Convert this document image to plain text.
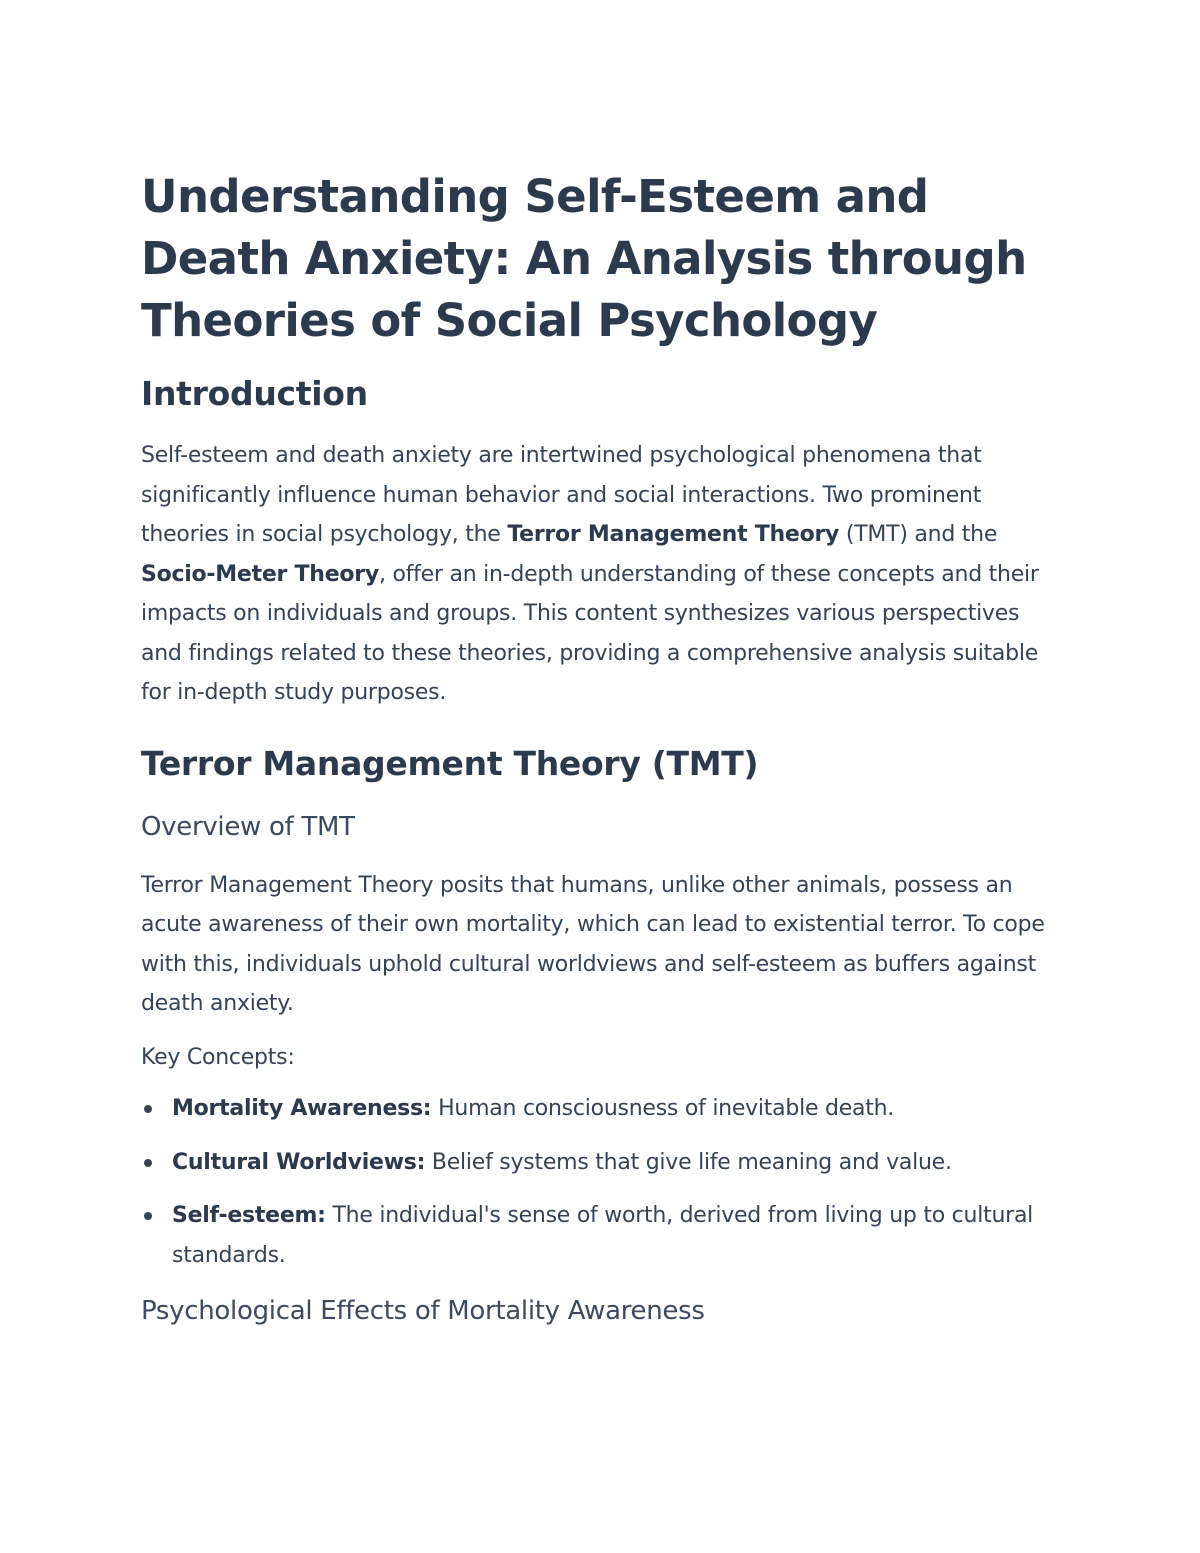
Understanding Self-Esteem and Death Anxiety: An Analysis through Theories of Social Psychology
Introduction

Self-esteem and death anxiety are intertwined psychological phenomena that significantly influence human behavior and social interactions. Two prominent theories in social psychology, the Terror Management Theory (TMT) and the Socio-Meter Theory, offer an in-depth understanding of these concepts and their impacts on individuals and groups. This content synthesizes various perspectives and findings related to these theories, providing a comprehensive analysis suitable for in-depth study purposes.

Terror Management Theory (TMT)
Overview of TMT

Terror Management Theory posits that humans, unlike other animals, possess an acute awareness of their own mortality, which can lead to existential terror. To cope with this, individuals uphold cultural worldviews and self-esteem as buffers against death anxiety.

Key Concepts:

Mortality Awareness: Human consciousness of inevitable death.
Cultural Worldviews: Belief systems that give life meaning and value.
Self-esteem: The individual's sense of worth, derived from living up to cultural standards.
Psychological Effects of Mortality Awareness
